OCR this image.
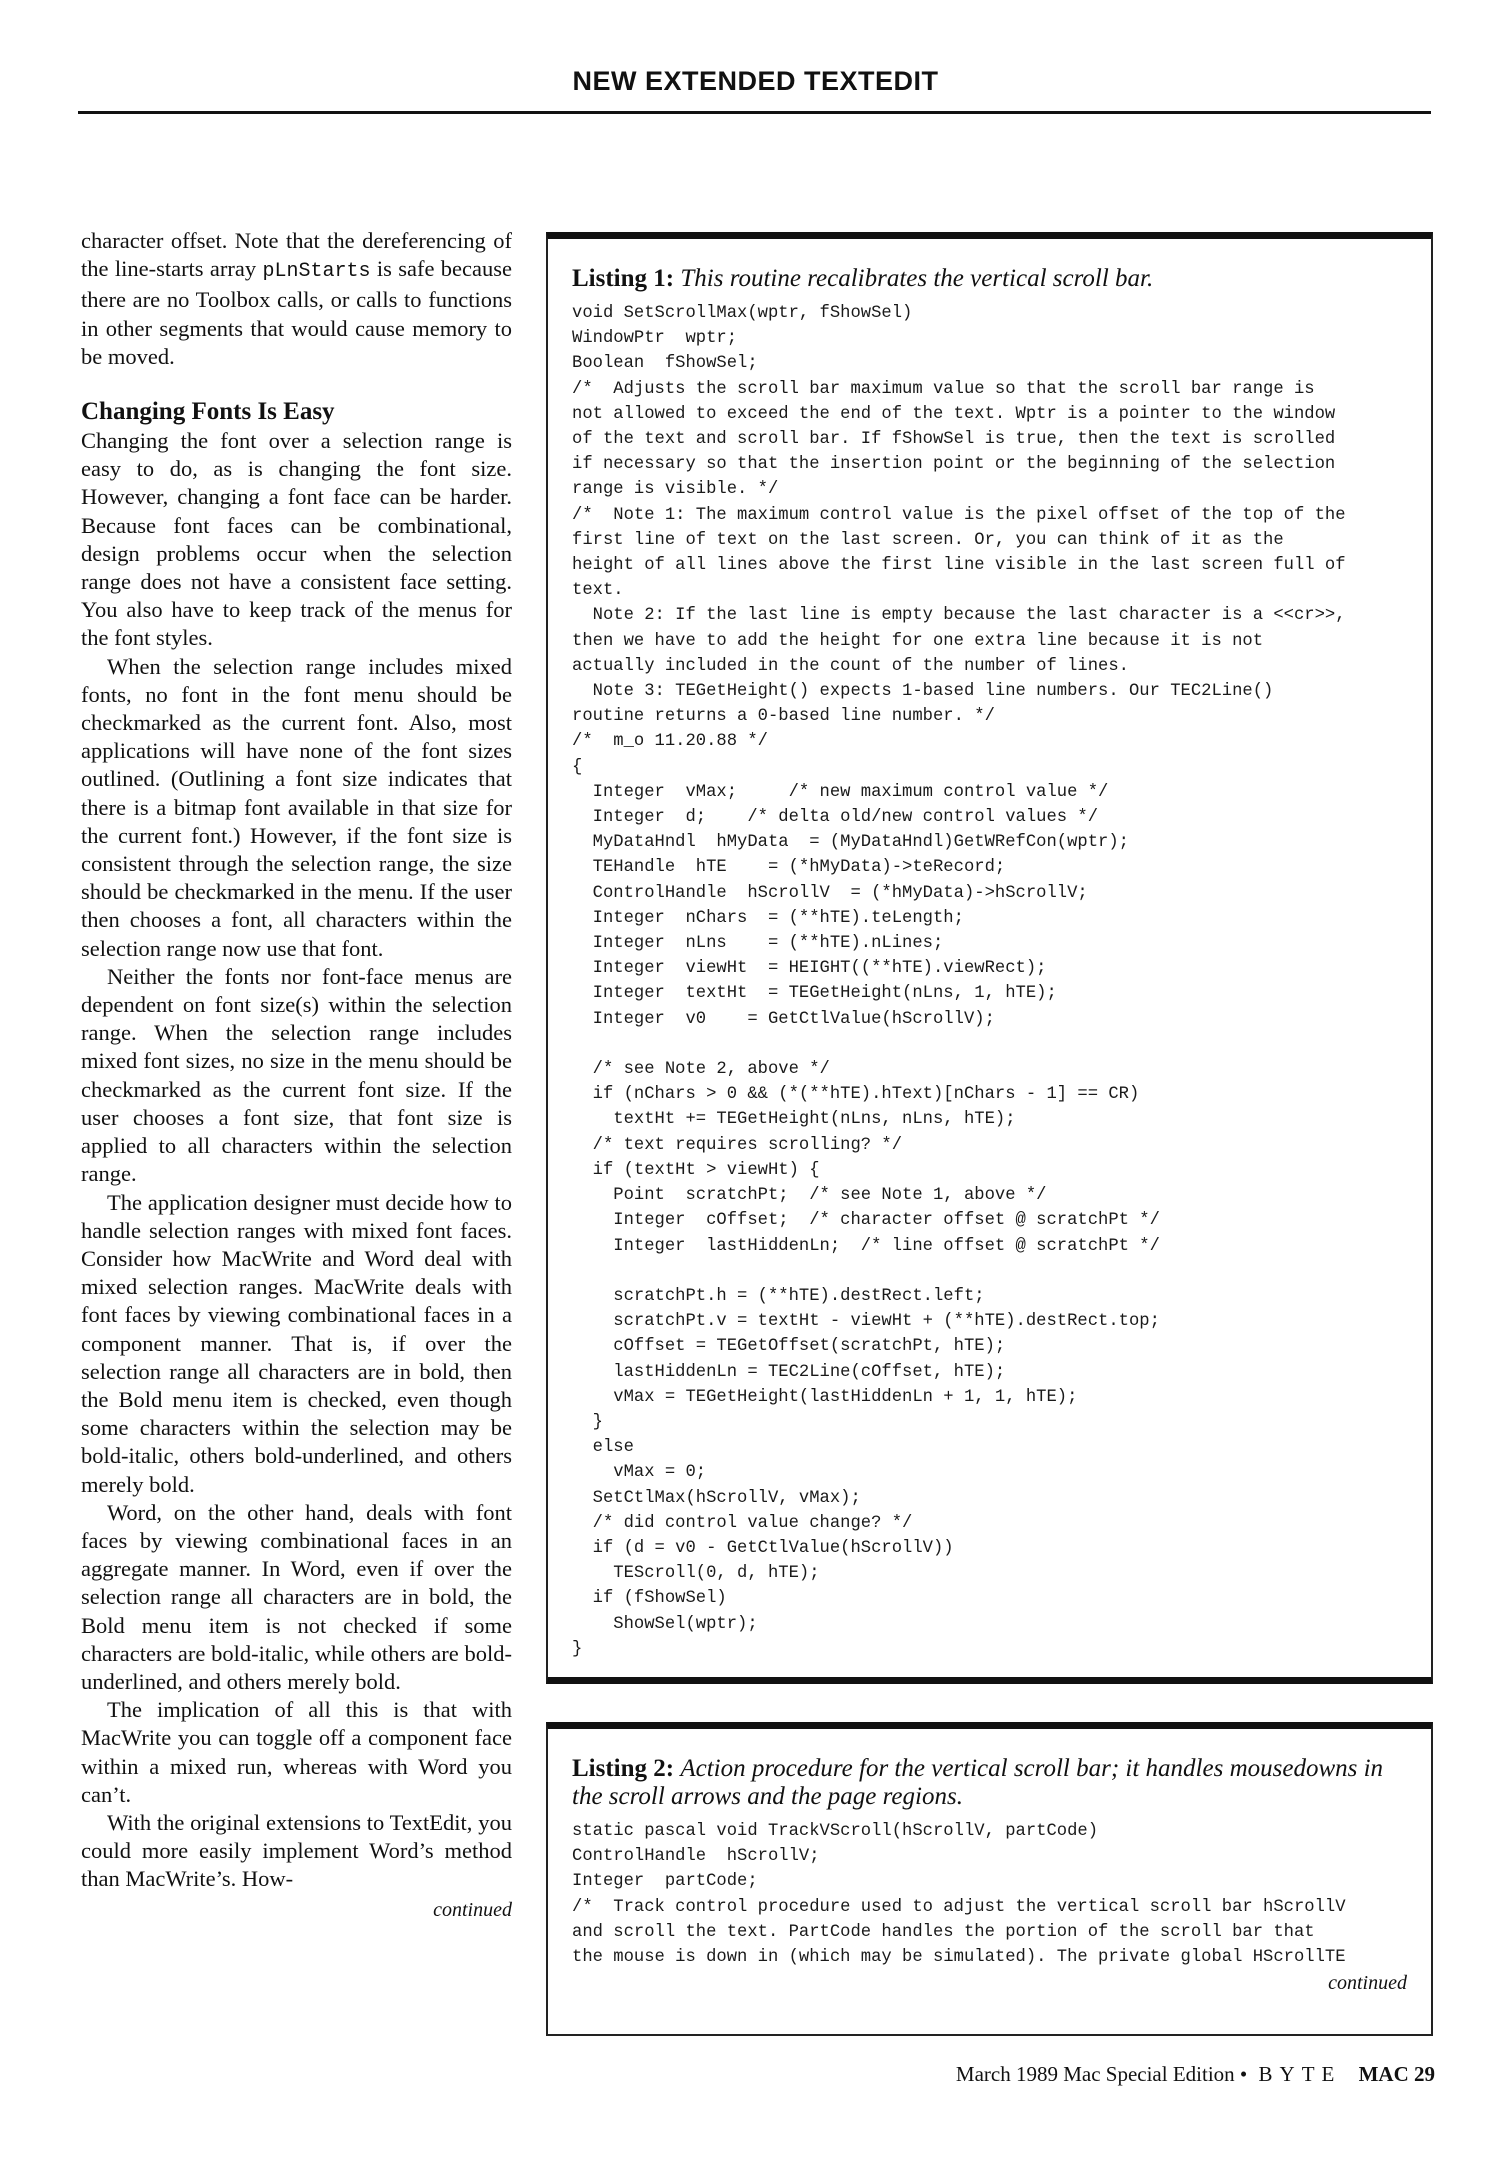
NEW EXTENDED TEXTEDIT

character offset. Note that the dereferencing of the line-starts array pLnStarts is safe because there are no Toolbox calls, or calls to functions in other segments that would cause memory to be moved.

Changing Fonts Is Easy

Changing the font over a selection range is easy to do, as is changing the font size. However, changing a font face can be harder. Because font faces can be combinational, design problems occur when the selection range does not have a consistent face setting. You also have to keep track of the menus for the font styles.

When the selection range includes mixed fonts, no font in the font menu should be checkmarked as the current font. Also, most applications will have none of the font sizes outlined. (Outlining a font size indicates that there is a bitmap font available in that size for the current font.) However, if the font size is consistent through the selection range, the size should be checkmarked in the menu. If the user then chooses a font, all characters within the selection range now use that font.

Neither the fonts nor font-face menus are dependent on font size(s) within the selection range. When the selection range includes mixed font sizes, no size in the menu should be checkmarked as the current font size. If the user chooses a font size, that font size is applied to all characters within the selection range.

The application designer must decide how to handle selection ranges with mixed font faces. Consider how MacWrite and Word deal with mixed selection ranges. MacWrite deals with font faces by viewing combinational faces in a component manner. That is, if over the selection range all characters are in bold, then the Bold menu item is checked, even though some characters within the selection may be bold-italic, others bold-underlined, and others merely bold.

Word, on the other hand, deals with font faces by viewing combinational faces in an aggregate manner. In Word, even if over the selection range all characters are in bold, the Bold menu item is not checked if some characters are bold-italic, while others are bold-underlined, and others merely bold.

The implication of all this is that with MacWrite you can toggle off a component face within a mixed run, whereas with Word you can’t.

With the original extensions to TextEdit, you could more easily implement Word’s method than MacWrite’s. How-

continued
Listing 1: This routine recalibrates the vertical scroll bar.
void SetScrollMax(wptr, fShowSel)
WindowPtr  wptr;
Boolean  fShowSel;
/*  Adjusts the scroll bar maximum value so that the scroll bar range is
not allowed to exceed the end of the text. Wptr is a pointer to the window
of the text and scroll bar. If fShowSel is true, then the text is scrolled
if necessary so that the insertion point or the beginning of the selection
range is visible. */
/*  Note 1: The maximum control value is the pixel offset of the top of the
first line of text on the last screen. Or, you can think of it as the
height of all lines above the first line visible in the last screen full of
text.
Note 2: If the last line is empty because the last character is a <<cr>>,
then we have to add the height for one extra line because it is not
actually included in the count of the number of lines.
Note 3: TEGetHeight() expects 1-based line numbers. Our TEC2Line()
routine returns a 0-based line number. */
/*  m_o 11.20.88 */
{
Integer  vMax;     /* new maximum control value */
Integer  d;    /* delta old/new control values */
MyDataHndl  hMyData  = (MyDataHndl)GetWRefCon(wptr);
TEHandle  hTE    = (*hMyData)->teRecord;
ControlHandle  hScrollV  = (*hMyData)->hScrollV;
Integer  nChars  = (**hTE).teLength;
Integer  nLns    = (**hTE).nLines;
Integer  viewHt  = HEIGHT((**hTE).viewRect);
Integer  textHt  = TEGetHeight(nLns, 1, hTE);
Integer  v0    = GetCtlValue(hScrollV);
/* see Note 2, above */
if (nChars > 0 && (*(**hTE).hText)[nChars - 1] == CR)
textHt += TEGetHeight(nLns, nLns, hTE);
/* text requires scrolling? */
if (textHt > viewHt) {
Point  scratchPt;  /* see Note 1, above */
Integer  cOffset;  /* character offset @ scratchPt */
Integer  lastHiddenLn;  /* line offset @ scratchPt */
scratchPt.h = (**hTE).destRect.left;
scratchPt.v = textHt - viewHt + (**hTE).destRect.top;
cOffset = TEGetOffset(scratchPt, hTE);
lastHiddenLn = TEC2Line(cOffset, hTE);
vMax = TEGetHeight(lastHiddenLn + 1, 1, hTE);
}
else
vMax = 0;
SetCtlMax(hScrollV, vMax);
/* did control value change? */
if (d = v0 - GetCtlValue(hScrollV))
TEScroll(0, d, hTE);
if (fShowSel)
ShowSel(wptr);
}
Listing 2: Action procedure for the vertical scroll bar; it handles mousedowns in the scroll arrows and the page regions.
static pascal void TrackVScroll(hScrollV, partCode)
ControlHandle  hScrollV;
Integer  partCode;
/*  Track control procedure used to adjust the vertical scroll bar hScrollV
and scroll the text. PartCode handles the portion of the scroll bar that
the mouse is down in (which may be simulated). The private global HScrollTE
continued
March 1989 Mac Special Edition • BYTE MAC 29
